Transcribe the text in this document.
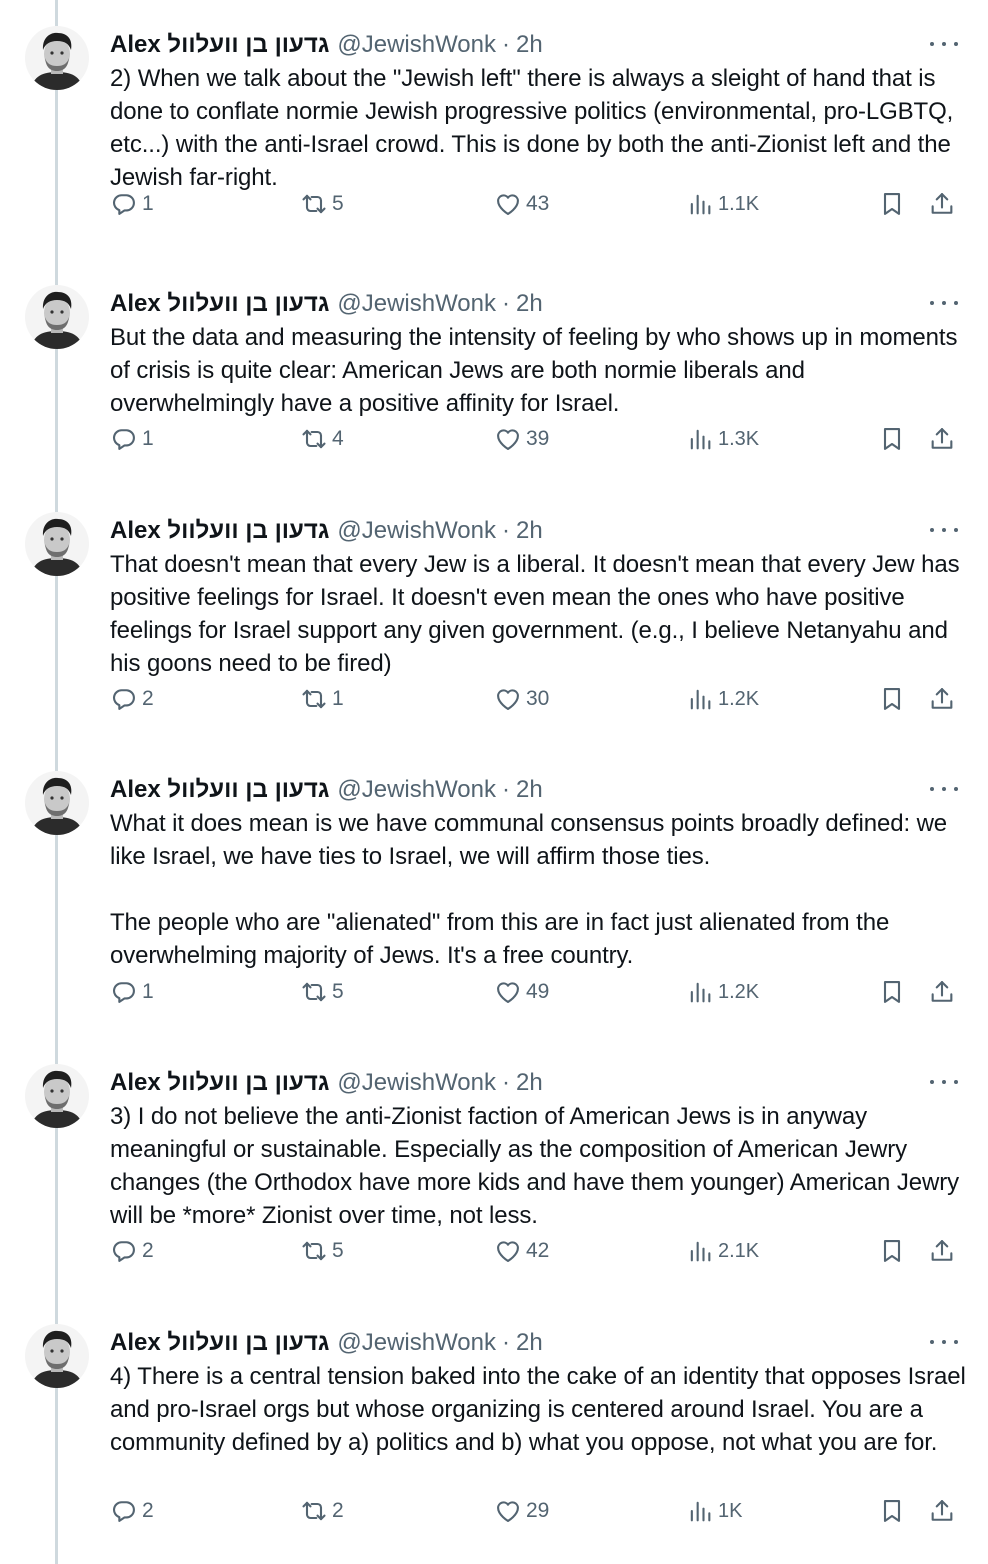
Alex גדעון בן וועלוול @JewishWonk · 2h
2) When we talk about the "Jewish left" there is always a sleight of hand that is done to conflate normie Jewish progressive politics (environmental, pro-LGBTQ, etc...) with the anti-Israel crowd. This is done by both the anti-Zionist left and the Jewish far-right.
1	5	43	1.1K
Alex גדעון בן וועלוול @JewishWonk · 2h
But the data and measuring the intensity of feeling by who shows up in moments of crisis is quite clear: American Jews are both normie liberals and overwhelmingly have a positive affinity for Israel.
1	4	39	1.3K
Alex גדעון בן וועלוול @JewishWonk · 2h
That doesn't mean that every Jew is a liberal. It doesn't mean that every Jew has positive feelings for Israel. It doesn't even mean the ones who have positive feelings for Israel support any given government. (e.g., I believe Netanyahu and his goons need to be fired)
2	1	30	1.2K
Alex גדעון בן וועלוול @JewishWonk · 2h
What it does mean is we have communal consensus points broadly defined: we like Israel, we have ties to Israel, we will affirm those ties.

The people who are "alienated" from this are in fact just alienated from the overwhelming majority of Jews. It's a free country.
1	5	49	1.2K
Alex גדעון בן וועלוול @JewishWonk · 2h
3) I do not believe the anti-Zionist faction of American Jews is in anyway meaningful or sustainable. Especially as the composition of American Jewry changes (the Orthodox have more kids and have them younger) American Jewry will be *more* Zionist over time, not less.
2	5	42	2.1K
Alex גדעון בן וועלוול @JewishWonk · 2h
4) There is a central tension baked into the cake of an identity that opposes Israel and pro-Israel orgs but whose organizing is centered around Israel. You are a community defined by a) politics and b) what you oppose, not what you are for.
2	2	29	1K
